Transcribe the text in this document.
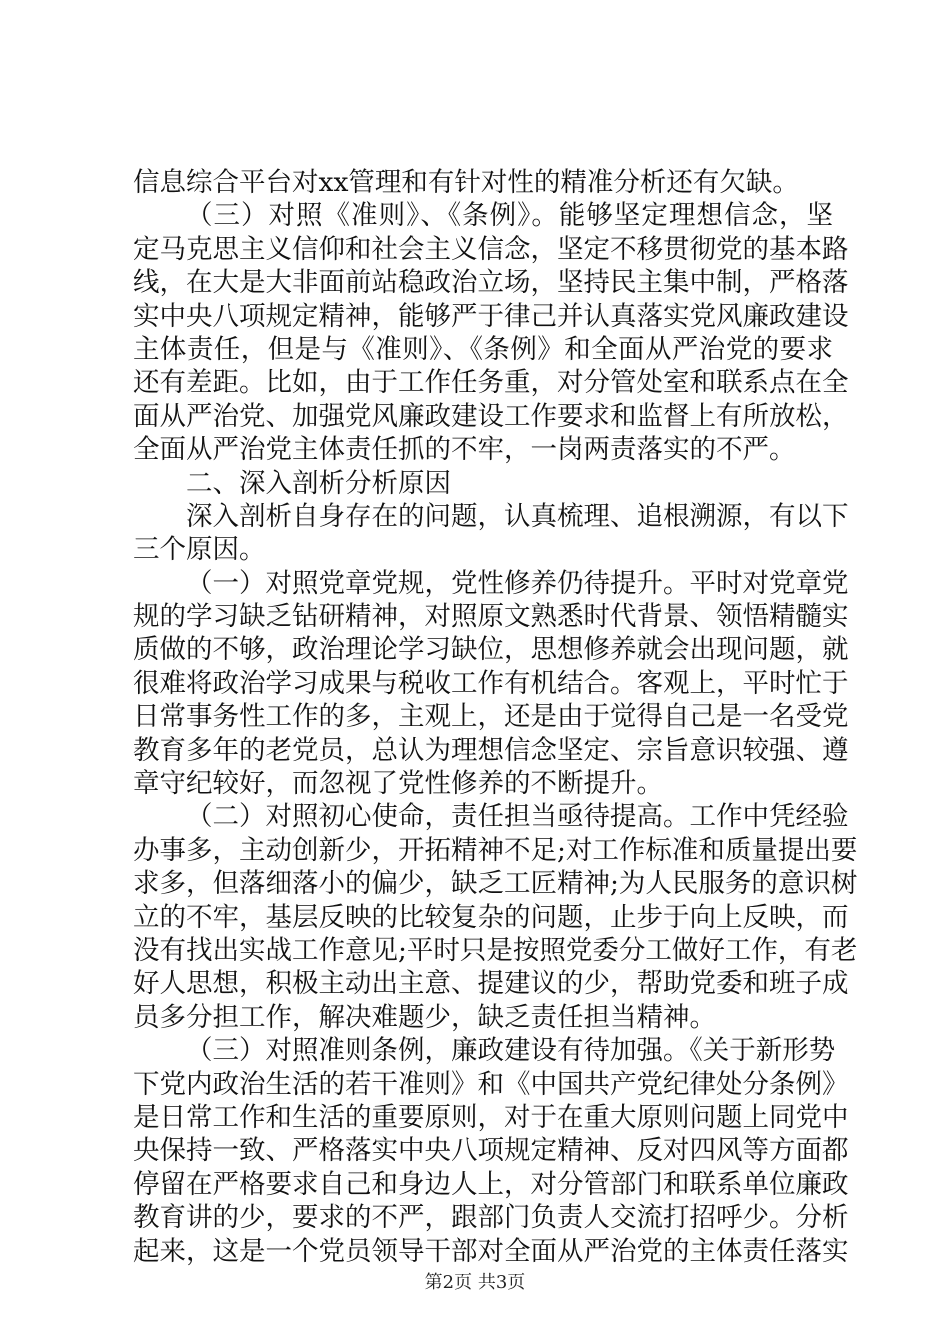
信息综合平台对xx管理和有针对性的精准分析还有欠缺。
（三）对照《准则》、《条例》。能够坚定理想信念，坚
定马克思主义信仰和社会主义信念，坚定不移贯彻党的基本路
线，在大是大非面前站稳政治立场，坚持民主集中制，严格落
实中央八项规定精神，能够严于律己并认真落实党风廉政建设
主体责任，但是与《准则》、《条例》和全面从严治党的要求
还有差距。比如，由于工作任务重，对分管处室和联系点在全
面从严治党、加强党风廉政建设工作要求和监督上有所放松，
全面从严治党主体责任抓的不牢，一岗两责落实的不严。
二、深入剖析分析原因
深入剖析自身存在的问题，认真梳理、追根溯源，有以下
三个原因。
（一）对照党章党规，党性修养仍待提升。平时对党章党
规的学习缺乏钻研精神，对照原文熟悉时代背景、领悟精髓实
质做的不够，政治理论学习缺位，思想修养就会出现问题，就
很难将政治学习成果与税收工作有机结合。客观上，平时忙于
日常事务性工作的多，主观上，还是由于觉得自己是一名受党
教育多年的老党员，总认为理想信念坚定、宗旨意识较强、遵
章守纪较好，而忽视了党性修养的不断提升。
（二）对照初心使命，责任担当亟待提高。工作中凭经验
办事多，主动创新少，开拓精神不足;对工作标准和质量提出要
求多，但落细落小的偏少，缺乏工匠精神;为人民服务的意识树
立的不牢，基层反映的比较复杂的问题，止步于向上反映，而
没有找出实战工作意见;平时只是按照党委分工做好工作，有老
好人思想，积极主动出主意、提建议的少，帮助党委和班子成
员多分担工作，解决难题少，缺乏责任担当精神。
（三）对照准则条例，廉政建设有待加强。《关于新形势
下党内政治生活的若干准则》和《中国共产党纪律处分条例》
是日常工作和生活的重要原则，对于在重大原则问题上同党中
央保持一致、严格落实中央八项规定精神、反对四风等方面都
停留在严格要求自己和身边人上，对分管部门和联系单位廉政
教育讲的少，要求的不严，跟部门负责人交流打招呼少。分析
起来，这是一个党员领导干部对全面从严治党的主体责任落实
第2页 共3页
